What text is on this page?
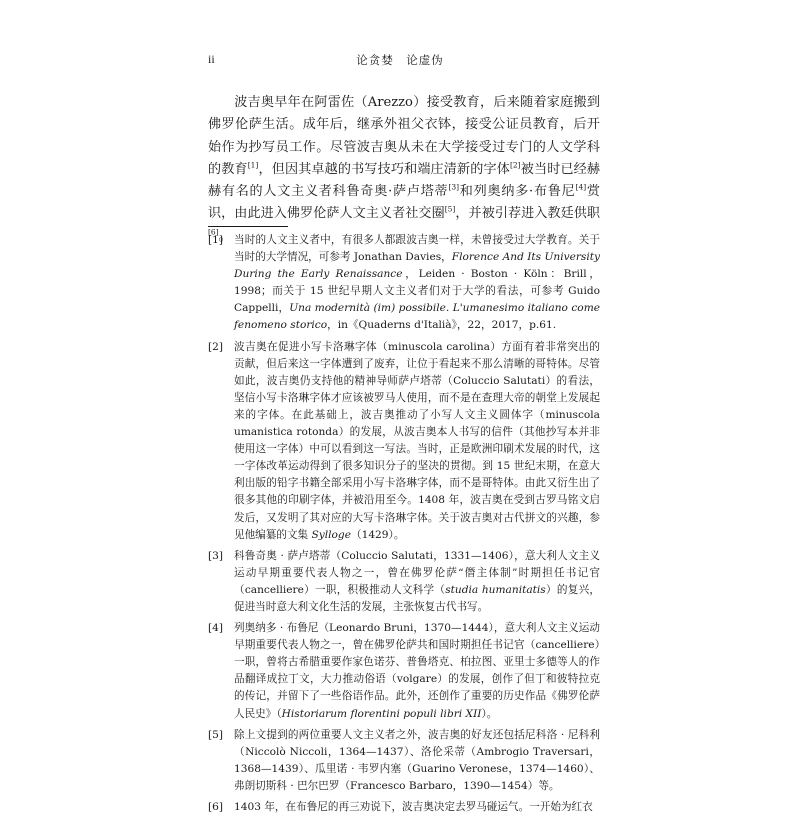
ii	论贪婪　论虚伪

波吉奥早年在阿雷佐（Arezzo）接受教育，后来随着家庭搬到佛罗伦萨生活。成年后，继承外祖父衣钵，接受公证员教育，后开始作为抄写员工作。尽管波吉奥从未在大学接受过专门的人文学科的教育[1]，但因其卓越的书写技巧和端庄清新的字体[2]被当时已经赫赫有名的人文主义者科鲁奇奥·萨卢塔蒂[3]和列奥纳多·布鲁尼[4]赏识，由此进入佛罗伦萨人文主义者社交圈[5]，并被引荐进入教廷供职[6]。

[1]	当时的人文主义者中，有很多人都跟波吉奥一样，未曾接受过大学教育。关于当时的大学情况，可参考 Jonathan Davies，Florence And Its University During the Early Renaissance，Leiden · Boston · Köln：Brill，1998；而关于 15 世纪早期人文主义者们对于大学的看法，可参考 Guido Cappelli，Una modernità (im) possibile. L'umanesimo italiano come fenomeno storico，in《Quaderns d'Italià》，22，2017，p.61.

[2]	波吉奥在促进小写卡洛琳字体（minuscola carolina）方面有着非常突出的贡献，但后来这一字体遭到了废弃，让位于看起来不那么清晰的哥特体。尽管如此，波吉奥仍支持他的精神导师萨卢塔蒂（Coluccio Salutati）的看法，坚信小写卡洛琳字体才应该被罗马人使用，而不是在查理大帝的朝堂上发展起来的字体。在此基础上，波吉奥推动了小写人文主义圆体字（minuscola umanistica rotonda）的发展，从波吉奥本人书写的信件（其他抄写本并非使用这一字体）中可以看到这一写法。当时，正是欧洲印刷术发展的时代，这一字体改革运动得到了很多知识分子的坚决的贯彻。到 15 世纪末期，在意大利出版的铅字书籍全部采用小写卡洛琳字体，而不是哥特体。由此又衍生出了很多其他的印刷字体，并被沿用至今。1408 年，波吉奥在受到古罗马铭文启发后，又发明了其对应的大写卡洛琳字体。关于波吉奥对古代拼文的兴趣，参见他编纂的文集 Sylloge（1429）。

[3]	科鲁奇奥 · 萨卢塔蒂（Coluccio Salutati，1331—1406），意大利人文主义运动早期重要代表人物之一，曾在佛罗伦萨“僭主体制”时期担任书记官（cancelliere）一职，积极推动人文科学（studia humanitatis）的复兴，促进当时意大利文化生活的发展，主张恢复古代书写。

[4]	列奥纳多 · 布鲁尼（Leonardo Bruni，1370—1444），意大利人文主义运动早期重要代表人物之一，曾在佛罗伦萨共和国时期担任书记官（cancelliere）一职，曾将古希腊重要作家色诺芬、普鲁塔克、柏拉图、亚里士多德等人的作品翻译成拉丁文，大力推动俗语（volgare）的发展，创作了但丁和彼特拉克的传记，并留下了一些俗语作品。此外，还创作了重要的历史作品《佛罗伦萨人民史》（Historiarum florentini populi libri XII）。

[5]	除上文提到的两位重要人文主义者之外，波吉奥的好友还包括尼科洛 · 尼科利（Niccolò Niccoli，1364—1437）、洛伦采蒂（Ambrogio Traversari，1368—1439）、瓜里诺 · 韦罗内塞（Guarino Veronese，1374—1460）、弗朗切斯科 · 巴尔巴罗（Francesco Barbaro，1390—1454）等。

[6]	1403 年，在布鲁尼的再三劝说下，波吉奥决定去罗马碰运气。一开始为红衣
